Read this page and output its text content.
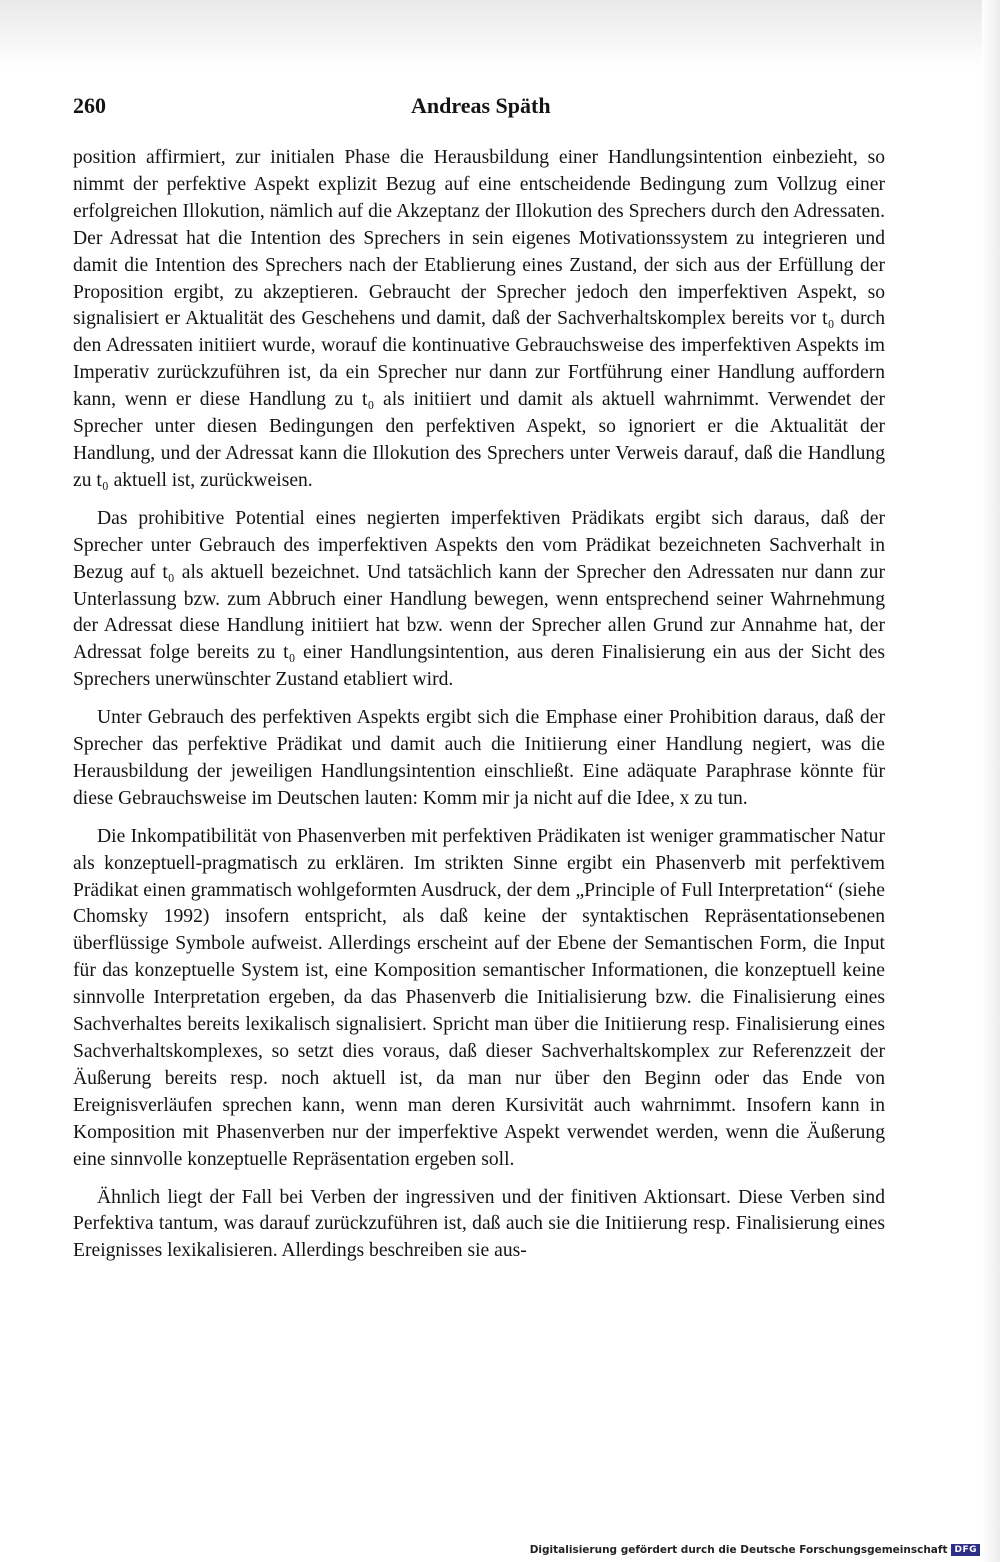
260	Andreas Späth

position affirmiert, zur initialen Phase die Herausbildung einer Handlungsintention einbezieht, so nimmt der perfektive Aspekt explizit Bezug auf eine entscheidende Bedingung zum Vollzug einer erfolgreichen Illokution, nämlich auf die Akzeptanz der Illokution des Sprechers durch den Adressaten. Der Adressat hat die Intention des Sprechers in sein eigenes Motivationssystem zu integrieren und damit die Intention des Sprechers nach der Etablierung eines Zustand, der sich aus der Erfüllung der Proposition ergibt, zu akzeptieren. Gebraucht der Sprecher jedoch den imperfektiven Aspekt, so signalisiert er Aktualität des Geschehens und damit, daß der Sachverhaltskomplex bereits vor t₀ durch den Adressaten initiiert wurde, worauf die kontinuative Gebrauchsweise des imperfektiven Aspekts im Imperativ zurückzuführen ist, da ein Sprecher nur dann zur Fortführung einer Handlung auffordern kann, wenn er diese Handlung zu t₀ als initiiert und damit als aktuell wahrnimmt. Verwendet der Sprecher unter diesen Bedingungen den perfektiven Aspekt, so ignoriert er die Aktualität der Handlung, und der Adressat kann die Illokution des Sprechers unter Verweis darauf, daß die Handlung zu t₀ aktuell ist, zurückweisen.

Das prohibitive Potential eines negierten imperfektiven Prädikats ergibt sich daraus, daß der Sprecher unter Gebrauch des imperfektiven Aspekts den vom Prädikat bezeichneten Sachverhalt in Bezug auf t₀ als aktuell bezeichnet. Und tatsächlich kann der Sprecher den Adressaten nur dann zur Unterlassung bzw. zum Abbruch einer Handlung bewegen, wenn entsprechend seiner Wahrnehmung der Adressat diese Handlung initiiert hat bzw. wenn der Sprecher allen Grund zur Annahme hat, der Adressat folge bereits zu t₀ einer Handlungsintention, aus deren Finalisierung ein aus der Sicht des Sprechers unerwünschter Zustand etabliert wird.

Unter Gebrauch des perfektiven Aspekts ergibt sich die Emphase einer Prohibition daraus, daß der Sprecher das perfektive Prädikat und damit auch die Initiierung einer Handlung negiert, was die Herausbildung der jeweiligen Handlungsintention einschließt. Eine adäquate Paraphrase könnte für diese Gebrauchsweise im Deutschen lauten: Komm mir ja nicht auf die Idee, x zu tun.

Die Inkompatibilität von Phasenverben mit perfektiven Prädikaten ist weniger grammatischer Natur als konzeptuell-pragmatisch zu erklären. Im strikten Sinne ergibt ein Phasenverb mit perfektivem Prädikat einen grammatisch wohlgeformten Ausdruck, der dem „Principle of Full Interpretation“ (siehe Chomsky 1992) insofern entspricht, als daß keine der syntaktischen Repräsentationsebenen überflüssige Symbole aufweist. Allerdings erscheint auf der Ebene der Semantischen Form, die Input für das konzeptuelle System ist, eine Komposition semantischer Informationen, die konzeptuell keine sinnvolle Interpretation ergeben, da das Phasenverb die Initialisierung bzw. die Finalisierung eines Sachverhaltes bereits lexikalisch signalisiert. Spricht man über die Initiierung resp. Finalisierung eines Sachverhaltskomplexes, so setzt dies voraus, daß dieser Sachverhaltskomplex zur Referenzzeit der Äußerung bereits resp. noch aktuell ist, da man nur über den Beginn oder das Ende von Ereignisverläufen sprechen kann, wenn man deren Kursivität auch wahrnimmt. Insofern kann in Komposition mit Phasenverben nur der imperfektive Aspekt verwendet werden, wenn die Äußerung eine sinnvolle konzeptuelle Repräsentation ergeben soll.

Ähnlich liegt der Fall bei Verben der ingressiven und der finitiven Aktionsart. Diese Verben sind Perfektiva tantum, was darauf zurückzuführen ist, daß auch sie die Initiierung resp. Finalisierung eines Ereignisses lexikalisieren. Allerdings beschreiben sie aus-

Digitalisierung gefördert durch die Deutsche Forschungsgemeinschaft DFG
